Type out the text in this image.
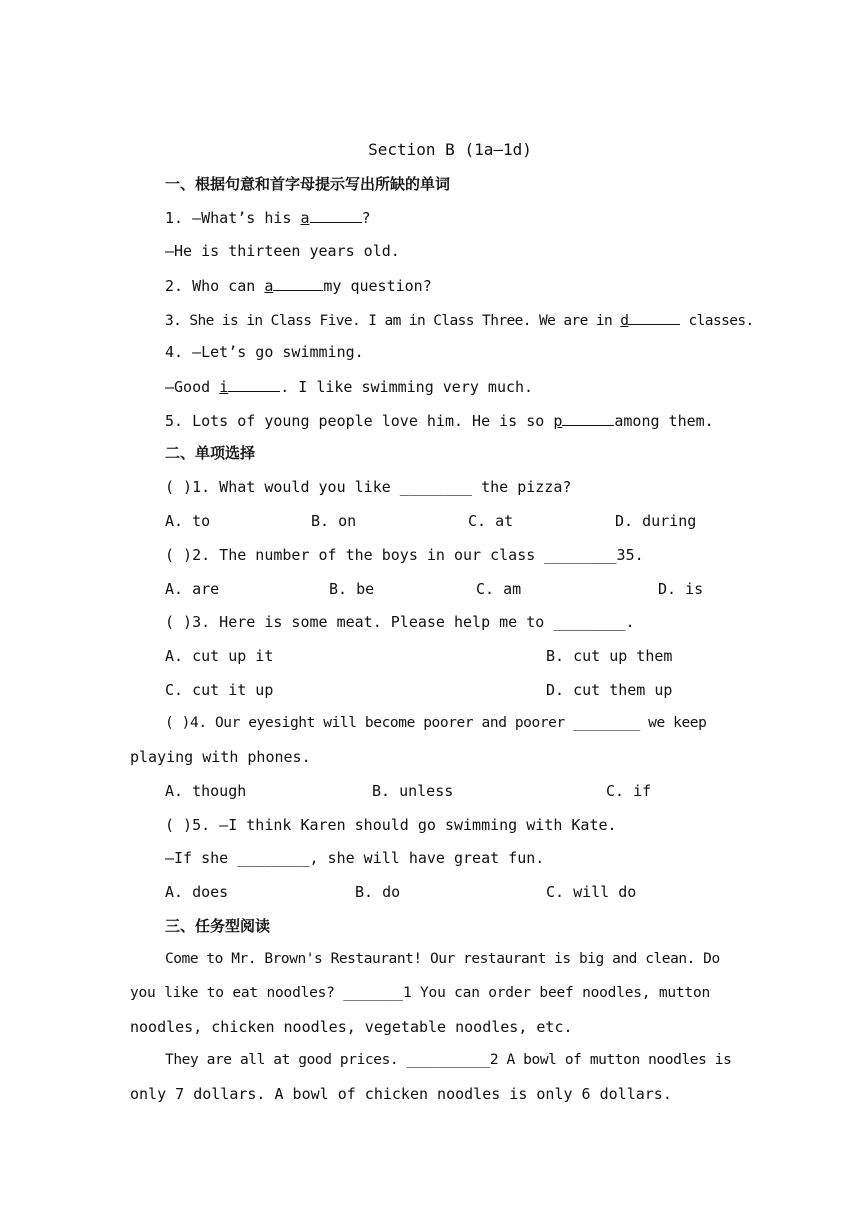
Section B (1a—1d)
一、根据句意和首字母提示写出所缺的单词
1. —What’s his a	?
—He is thirteen years old.
2. Who can a	my question?
3. She is in Class Five. I am in Class Three. We are in d	classes.
4. —Let’s go swimming.
—Good i	. I like swimming very much.
5. Lots of young people love him. He is so p	among them.
二、单项选择
( )1. What would you like ________ the pizza?
A. to	B. on	C. at	D. during
( )2. The number of the boys in our class ________35.
A. are	B. be	C. am	D. is
( )3. Here is some meat. Please help me to ________.
A. cut up it	B. cut up them
C. cut it up	D. cut them up
( )4. Our eyesight will become poorer and poorer ________ we keep
playing with phones.
A. though	B. unless	C. if
( )5. —I think Karen should go swimming with Kate.
—If she ________, she will have great fun.
A. does	B. do	C. will do
三、任务型阅读
Come to Mr. Brown's Restaurant! Our restaurant is big and clean. Do
you like to eat noodles? _______1 You can order beef noodles, mutton
noodles, chicken noodles, vegetable noodles, etc.
They are all at good prices. __________2 A bowl of mutton noodles is
only 7 dollars. A bowl of chicken noodles is only 6 dollars.
